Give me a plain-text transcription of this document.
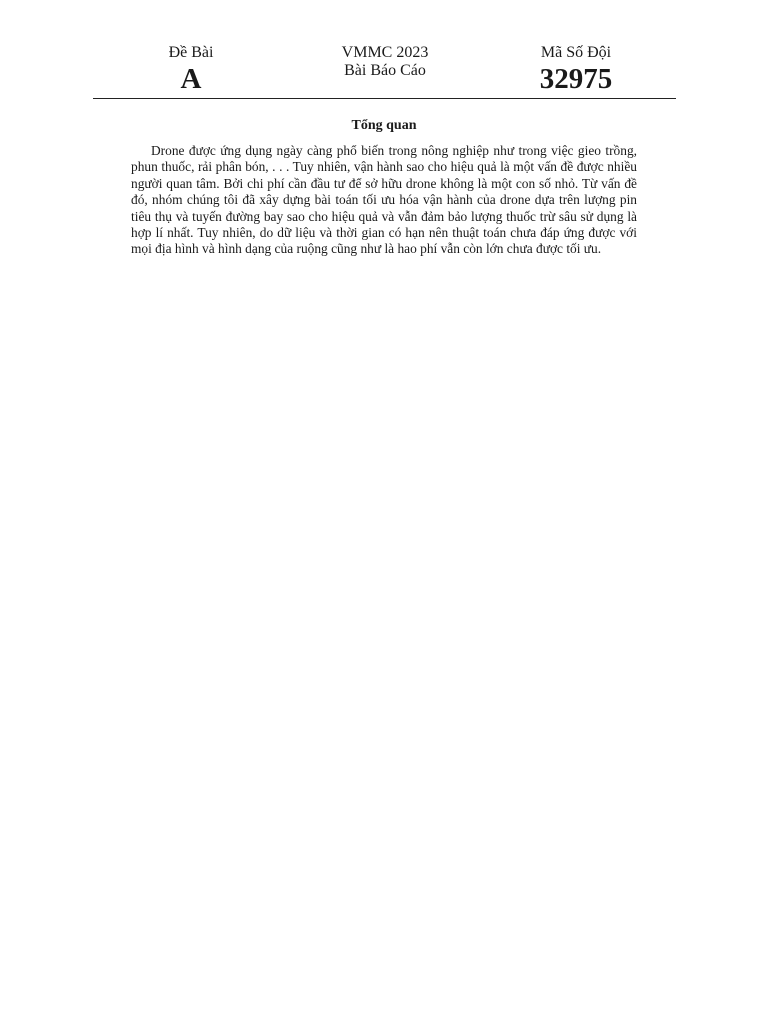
Đề Bài
A
VMMC 2023
Bài Báo Cáo
Mã Số Đội
32975
Tổng quan

Drone được ứng dụng ngày càng phổ biến trong nông nghiệp như trong việc gieo trồng, phun thuốc, rải phân bón, . . . Tuy nhiên, vận hành sao cho hiệu quả là một vấn đề được nhiều người quan tâm. Bởi chi phí cần đầu tư để sở hữu drone không là một con số nhỏ. Từ vấn đề đó, nhóm chúng tôi đã xây dựng bài toán tối ưu hóa vận hành của drone dựa trên lượng pin tiêu thụ và tuyến đường bay sao cho hiệu quả và vẫn đảm bảo lượng thuốc trừ sâu sử dụng là hợp lí nhất. Tuy nhiên, do dữ liệu và thời gian có hạn nên thuật toán chưa đáp ứng được với mọi địa hình và hình dạng của ruộng cũng như là hao phí vẫn còn lớn chưa được tối ưu.
